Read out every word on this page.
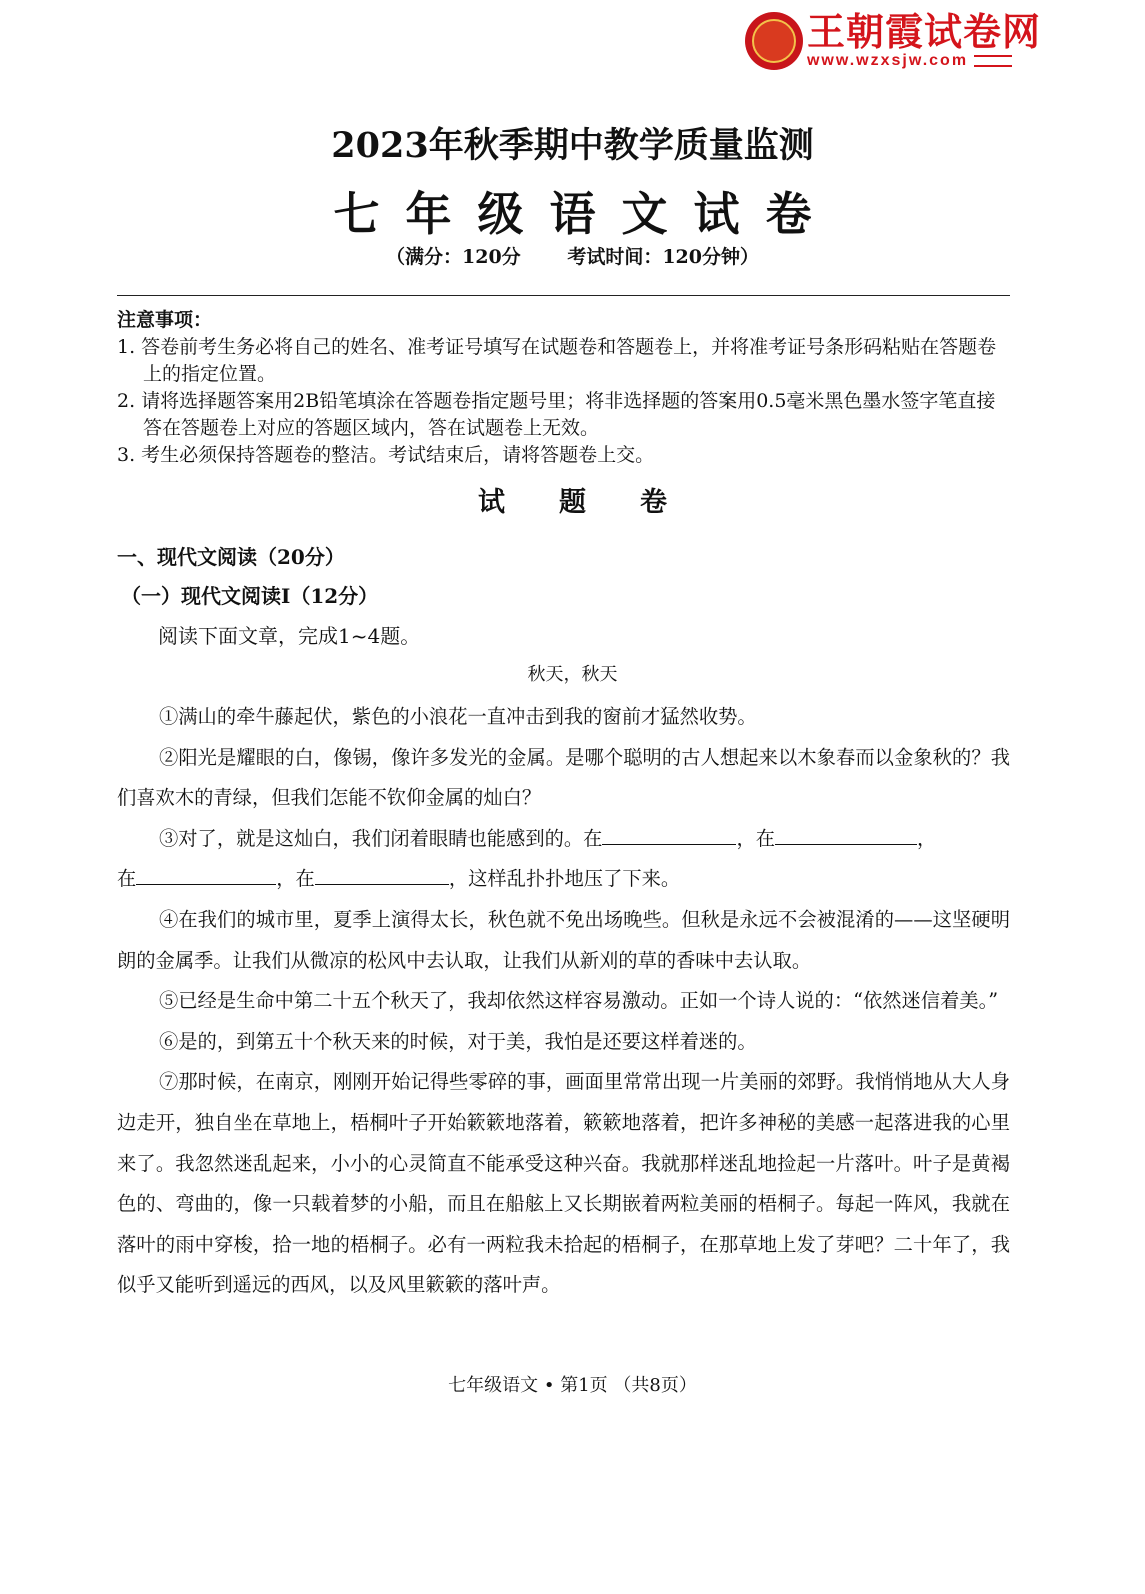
王朝霞试卷网
www.wzxsjw.com
2023年秋季期中教学质量监测
七年级语文试卷
（满分：120分 考试时间：120分钟）
注意事项：
1. 答卷前考生务必将自己的姓名、准考证号填写在试题卷和答题卷上，并将准考证号条形码粘贴在答题卷上的指定位置。
2. 请将选择题答案用2B铅笔填涂在答题卷指定题号里；将非选择题的答案用0.5毫米黑色墨水签字笔直接答在答题卷上对应的答题区域内，答在试题卷上无效。
3. 考生必须保持答题卷的整洁。考试结束后，请将答题卷上交。
试题卷
一、现代文阅读（20分）
（一）现代文阅读Ⅰ（12分）
阅读下面文章，完成1~4题。
秋天，秋天

①满山的牵牛藤起伏，紫色的小浪花一直冲击到我的窗前才猛然收势。

②阳光是耀眼的白，像锡，像许多发光的金属。是哪个聪明的古人想起来以木象春而以金象秋的？我们喜欢木的青绿，但我们怎能不钦仰金属的灿白？

③对了，就是这灿白，我们闭着眼睛也能感到的。在	，在	，

在	，在	，这样乱扑扑地压了下来。

④在我们的城市里，夏季上演得太长，秋色就不免出场晚些。但秋是永远不会被混淆的——这坚硬明朗的金属季。让我们从微凉的松风中去认取，让我们从新刈的草的香味中去认取。

⑤已经是生命中第二十五个秋天了，我却依然这样容易激动。正如一个诗人说的：“依然迷信着美。”

⑥是的，到第五十个秋天来的时候，对于美，我怕是还要这样着迷的。

⑦那时候，在南京，刚刚开始记得些零碎的事，画面里常常出现一片美丽的郊野。我悄悄地从大人身边走开，独自坐在草地上，梧桐叶子开始簌簌地落着，簌簌地落着，把许多神秘的美感一起落进我的心里来了。我忽然迷乱起来，小小的心灵简直不能承受这种兴奋。我就那样迷乱地捡起一片落叶。叶子是黄褐色的、弯曲的，像一只载着梦的小船，而且在船舷上又长期嵌着两粒美丽的梧桐子。每起一阵风，我就在落叶的雨中穿梭，拾一地的梧桐子。必有一两粒我未拾起的梧桐子，在那草地上发了芽吧？二十年了，我似乎又能听到遥远的西风，以及风里簌簌的落叶声。

七年级语文 • 第1页 （共8页）
